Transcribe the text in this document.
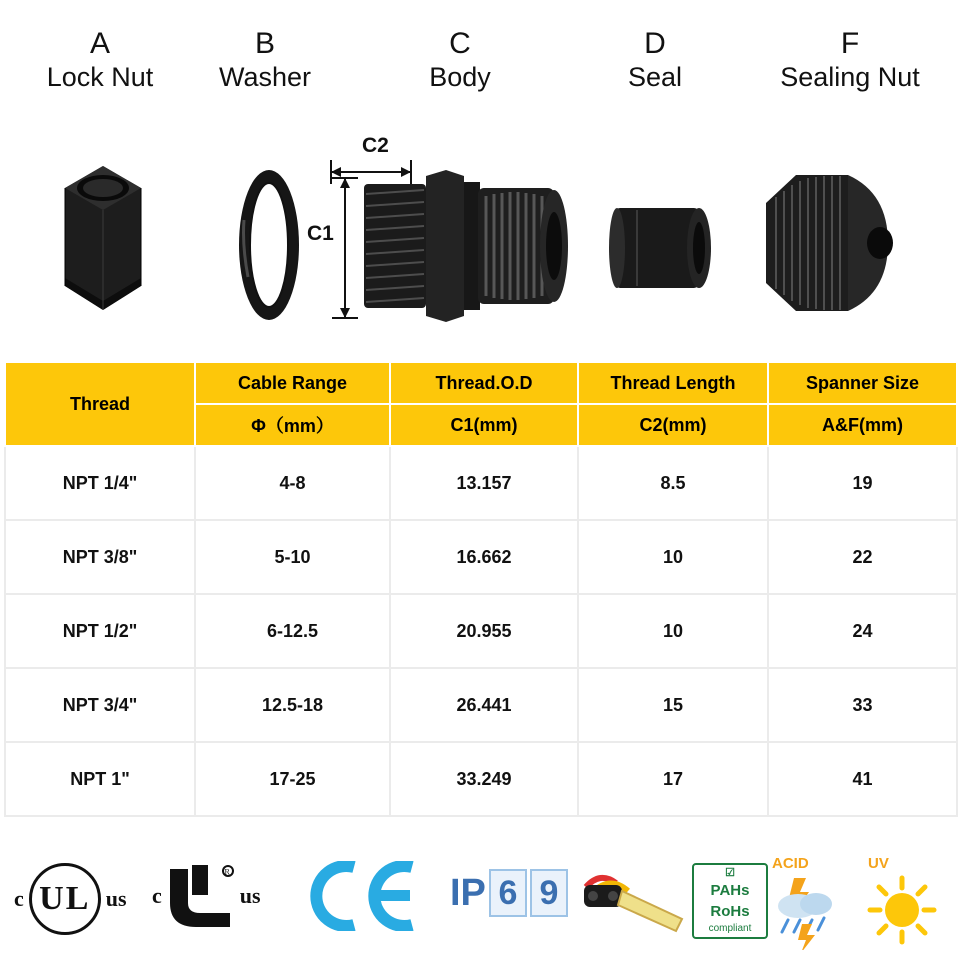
A
Lock Nut
B
Washer
C
Body
C2
C1
D
Seal
F
Sealing Nut
Thread	Cable Range	Thread.O.D	Thread Length	Spanner Size
	Φ（mm）	C1(mm)	C2(mm)	A&F(mm)
NPT 1/4"	4-8	13.157	8.5	19
NPT 3/8"	5-10	16.662	10	22
NPT 1/2"	6-12.5	20.955	10	24
NPT 3/4"	12.5-18	26.441	15	33
NPT 1"	17-25	33.249	17	41
c UL us c
R
us	IP 6 9
☑
PAHs
RoHs
compliant
ACID	UV
